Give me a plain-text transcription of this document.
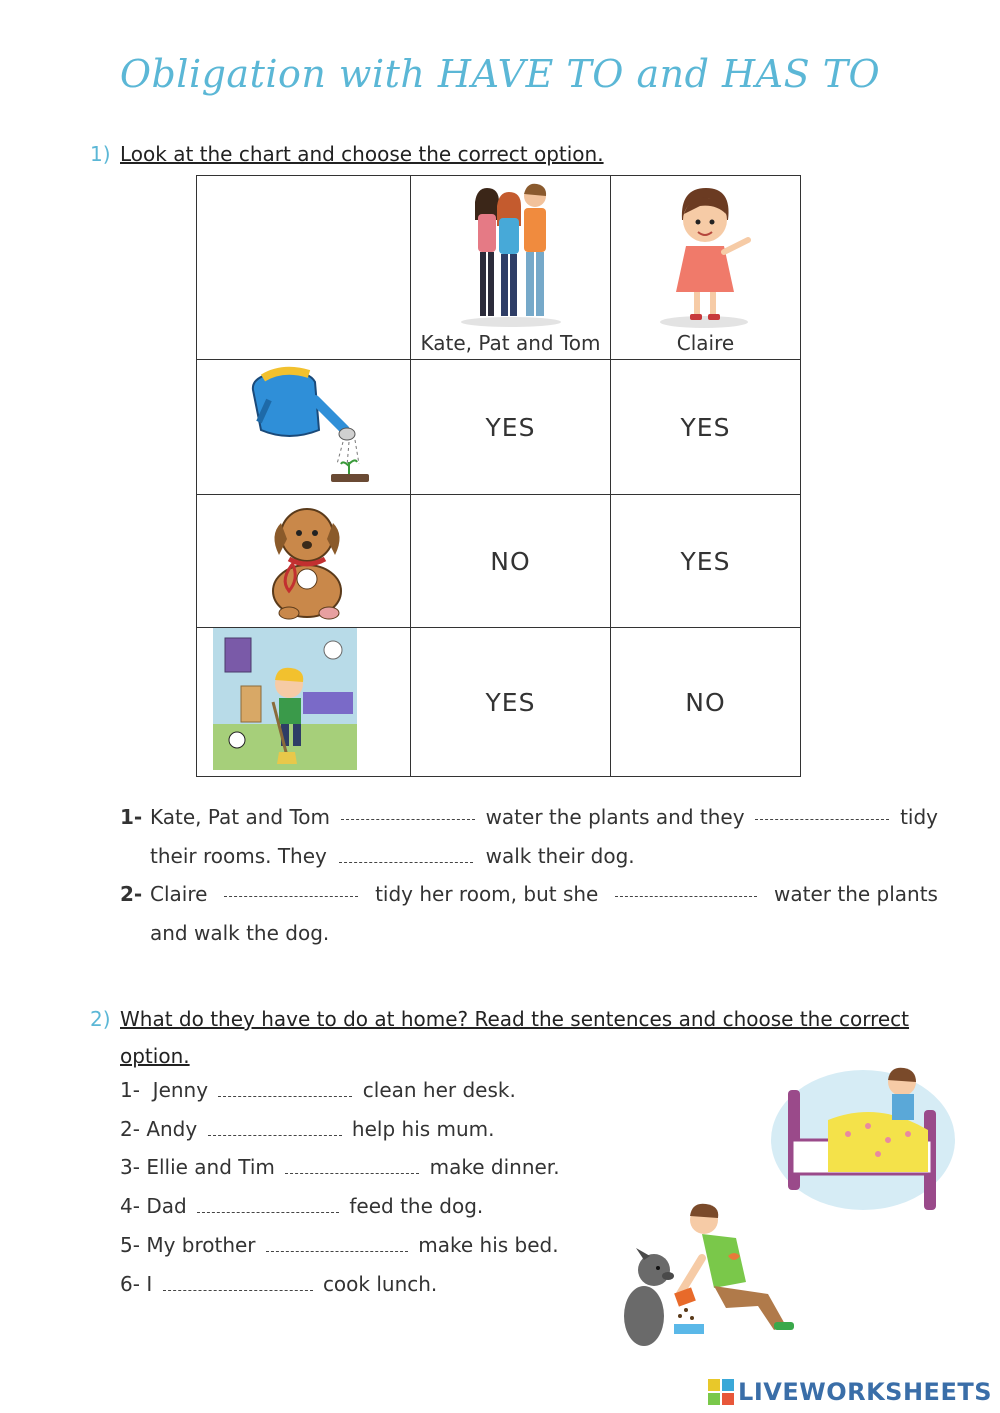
Obligation with HAVE TO and HAS TO
1) Look at the chart and choose the correct option.

	Kate, Pat and Tom	Claire

	YES	YES
	NO	YES
	YES	NO
1- Kate, Pat and Tom	water the plants and they	tidy
their rooms. They	walk their dog.
2- Claire	tidy her room, but she	water the plants
and walk the dog.
2) What do they have to do at home? Read the sentences and choose the correct
option.
1- Jenny	clean her desk.
2- Andy	help his mum.
3- Ellie and Tim	make dinner.
4- Dad	feed the dog.
5- My brother	make his bed.
6- I	cook lunch.
LIVEWORKSHEETS
